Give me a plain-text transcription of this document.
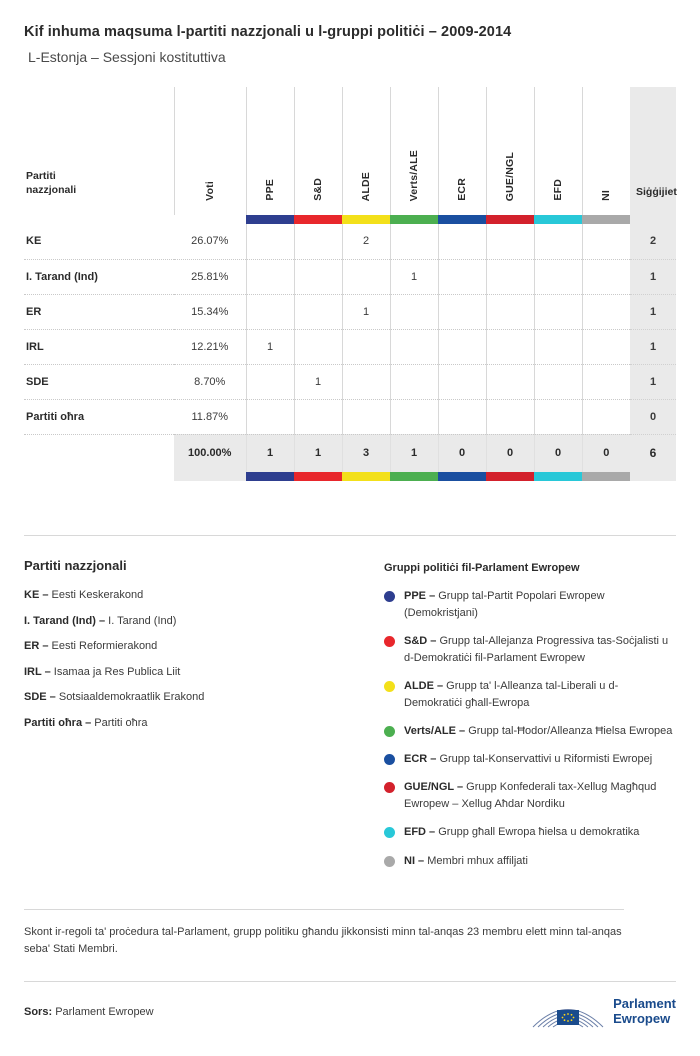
Kif inhuma maqsuma l-partiti nazzjonali u l-gruppi politiċi – 2009-2014
L-Estonja – Sessjoni kostituttiva
Partiti nazzjonali	Voti	PPE	S&D	ALDE	Verts/ALE	ECR	GUE/NGL	EFD	NI	Siġġijiet

KE	26.07%			2						2
I. Tarand (Ind)	25.81%				1					1
ER	15.34%			1						1
IRL	12.21%	1								1
SDE	8.70%		1							1
Partiti oħra	11.87%									0
	100.00%	1	1	3	1	0	0	0	0	6

Partiti nazzjonali
KE – Eesti Keskerakond
I. Tarand (Ind) – I. Tarand (Ind)
ER – Eesti Reformierakond
IRL – Isamaa ja Res Publica Liit
SDE – Sotsiaaldemokraatlik Erakond
Partiti oħra – Partiti oħra
Gruppi politiċi fil-Parlament Ewropew
PPE – Grupp tal-Partit Popolari Ewropew (Demokristjani)
S&D – Grupp tal-Allejanza Progressiva tas-Soċjalisti u d-Demokratiċi fil-Parlament Ewropew
ALDE – Grupp ta' l-Alleanza tal-Liberali u d-Demokratiċi għall-Ewropa
Verts/ALE – Grupp tal-Ħodor/Alleanza Ħielsa Ewropea
ECR – Grupp tal-Konservattivi u Riformisti Ewropej
GUE/NGL – Grupp Konfederali tax-Xellug Magħqud Ewropew – Xellug Aħdar Nordiku
EFD – Grupp għall Ewropa ħielsa u demokratika
NI – Membri mhux affiljati
Skont ir-regoli ta' proċedura tal-Parlament, grupp politiku għandu jikkonsisti minn tal-anqas 23 membru elett minn tal-anqas seba' Stati Membri.
Sors: Parlament Ewropew
Parlament
Ewropew
